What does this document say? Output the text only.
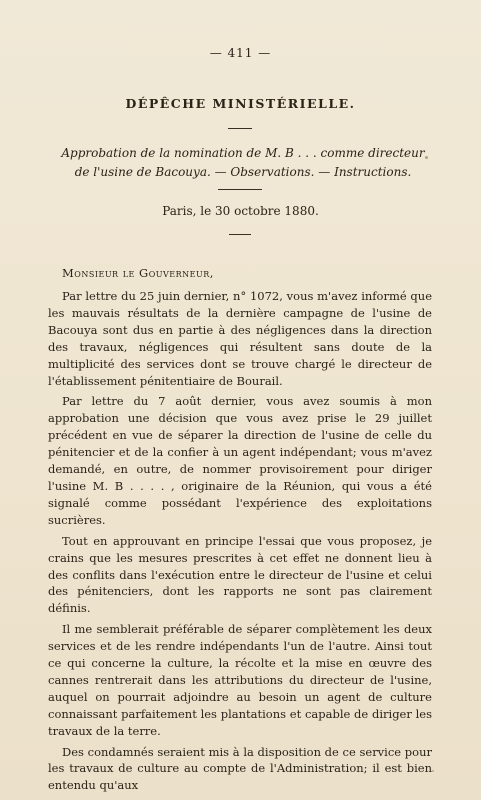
— 411 —
DÉPÊCHE MINISTÉRIELLE.
Approbation de la nomination de M. B . . . comme directeur de l'usine de Bacouya. — Observations. — Instructions.
Paris, le 30 octobre 1880.
Monsieur le Gouverneur,

Par lettre du 25 juin dernier, n° 1072, vous m'avez informé que les mauvais résultats de la dernière campagne de l'usine de Bacouya sont dus en partie à des négligences dans la direction des travaux, négligences qui résultent sans doute de la multiplicité des services dont se trouve chargé le directeur de l'établissement pénitentiaire de Bourail.

Par lettre du 7 août dernier, vous avez soumis à mon approbation une décision que vous avez prise le 29 juillet précédent en vue de séparer la direction de l'usine de celle du pénitencier et de la confier à un agent indépendant; vous m'avez demandé, en outre, de nommer provisoirement pour diriger l'usine M. B . . . . , originaire de la Réunion, qui vous a été signalé comme possédant l'expérience des exploitations sucrières.

Tout en approuvant en principe l'essai que vous proposez, je crains que les mesures prescrites à cet effet ne donnent lieu à des conflits dans l'exécution entre le directeur de l'usine et celui des pénitenciers, dont les rapports ne sont pas clairement définis.

Il me semblerait préférable de séparer complètement les deux services et de les rendre indépendants l'un de l'autre. Ainsi tout ce qui concerne la culture, la récolte et la mise en œuvre des cannes rentrerait dans les attributions du directeur de l'usine, auquel on pourrait adjoindre au besoin un agent de culture connaissant parfaitement les plantations et capable de diriger les travaux de la terre.

Des condamnés seraient mis à la disposition de ce service pour les travaux de culture au compte de l'Administration; il est bien entendu qu'aux
